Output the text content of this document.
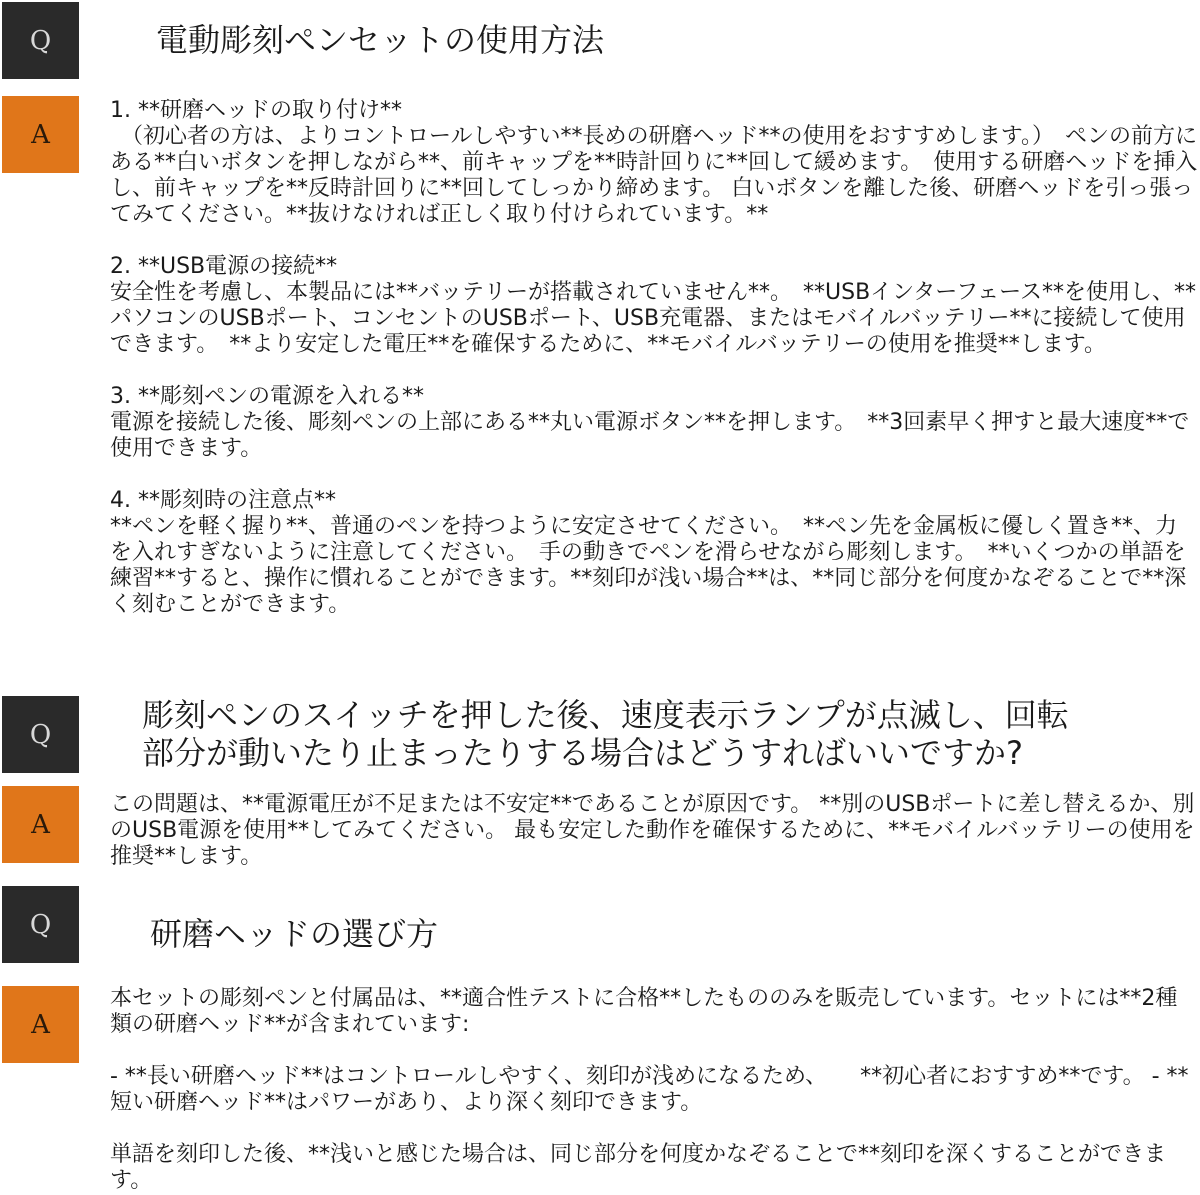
Q	電動彫刻ペンセットの使用方法
A

1. **研磨ヘッドの取り付け**

　（初心者の方は、よりコントロールしやすい**長めの研磨ヘッド**の使用をおすすめします。）　ペンの前方にある**白いボタンを押しながら**、前キャップを**時計回りに**回して緩めます。　使用する研磨ヘッドを挿入し、前キャップを**反時計回りに**回してしっかり締めます。 白いボタンを離した後、研磨ヘッドを引っ張ってみてください。**抜けなければ正しく取り付けられています。**

2. **USB電源の接続**

安全性を考慮し、本製品には**バッテリーが搭載されていません**。　**USBインターフェース**を使用し、**パソコンのUSBポート、コンセントのUSBポート、USB充電器、またはモバイルバッテリー**に接続して使用できます。　**より安定した電圧**を確保するために、**モバイルバッテリーの使用を推奨**します。

3. **彫刻ペンの電源を入れる**

電源を接続した後、彫刻ペンの上部にある**丸い電源ボタン**を押します。　**3回素早く押すと最大速度**で使用できます。

4. **彫刻時の注意点**

**ペンを軽く握り**、普通のペンを持つように安定させてください。　**ペン先を金属板に優しく置き**、力を入れすぎないように注意してください。　手の動きでペンを滑らせながら彫刻します。　**いくつかの単語を練習**すると、操作に慣れることができます。**刻印が浅い場合**は、**同じ部分を何度かなぞることで**深く刻むことができます。

Q
彫刻ペンのスイッチを押した後、速度表示ランプが点滅し、回転
部分が動いたり止まったりする場合はどうすればいいですか?
A

この問題は、**電源電圧が不足または不安定**であることが原因です。 **別のUSBポートに差し替えるか、別のUSB電源を使用**してみてください。 最も安定した動作を確保するために、**モバイルバッテリーの使用を推奨**します。

Q	研磨ヘッドの選び方
A

本セットの彫刻ペンと付属品は、**適合性テストに合格**したもののみを販売しています。セットには**2種類の研磨ヘッド**が含まれています:

- **長い研磨ヘッド**はコントロールしやすく、刻印が浅めになるため、　　**初心者におすすめ**です。 - **短い研磨ヘッド**はパワーがあり、より深く刻印できます。

単語を刻印した後、**浅いと感じた場合は、同じ部分を何度かなぞることで**刻印を深くすることができます。
